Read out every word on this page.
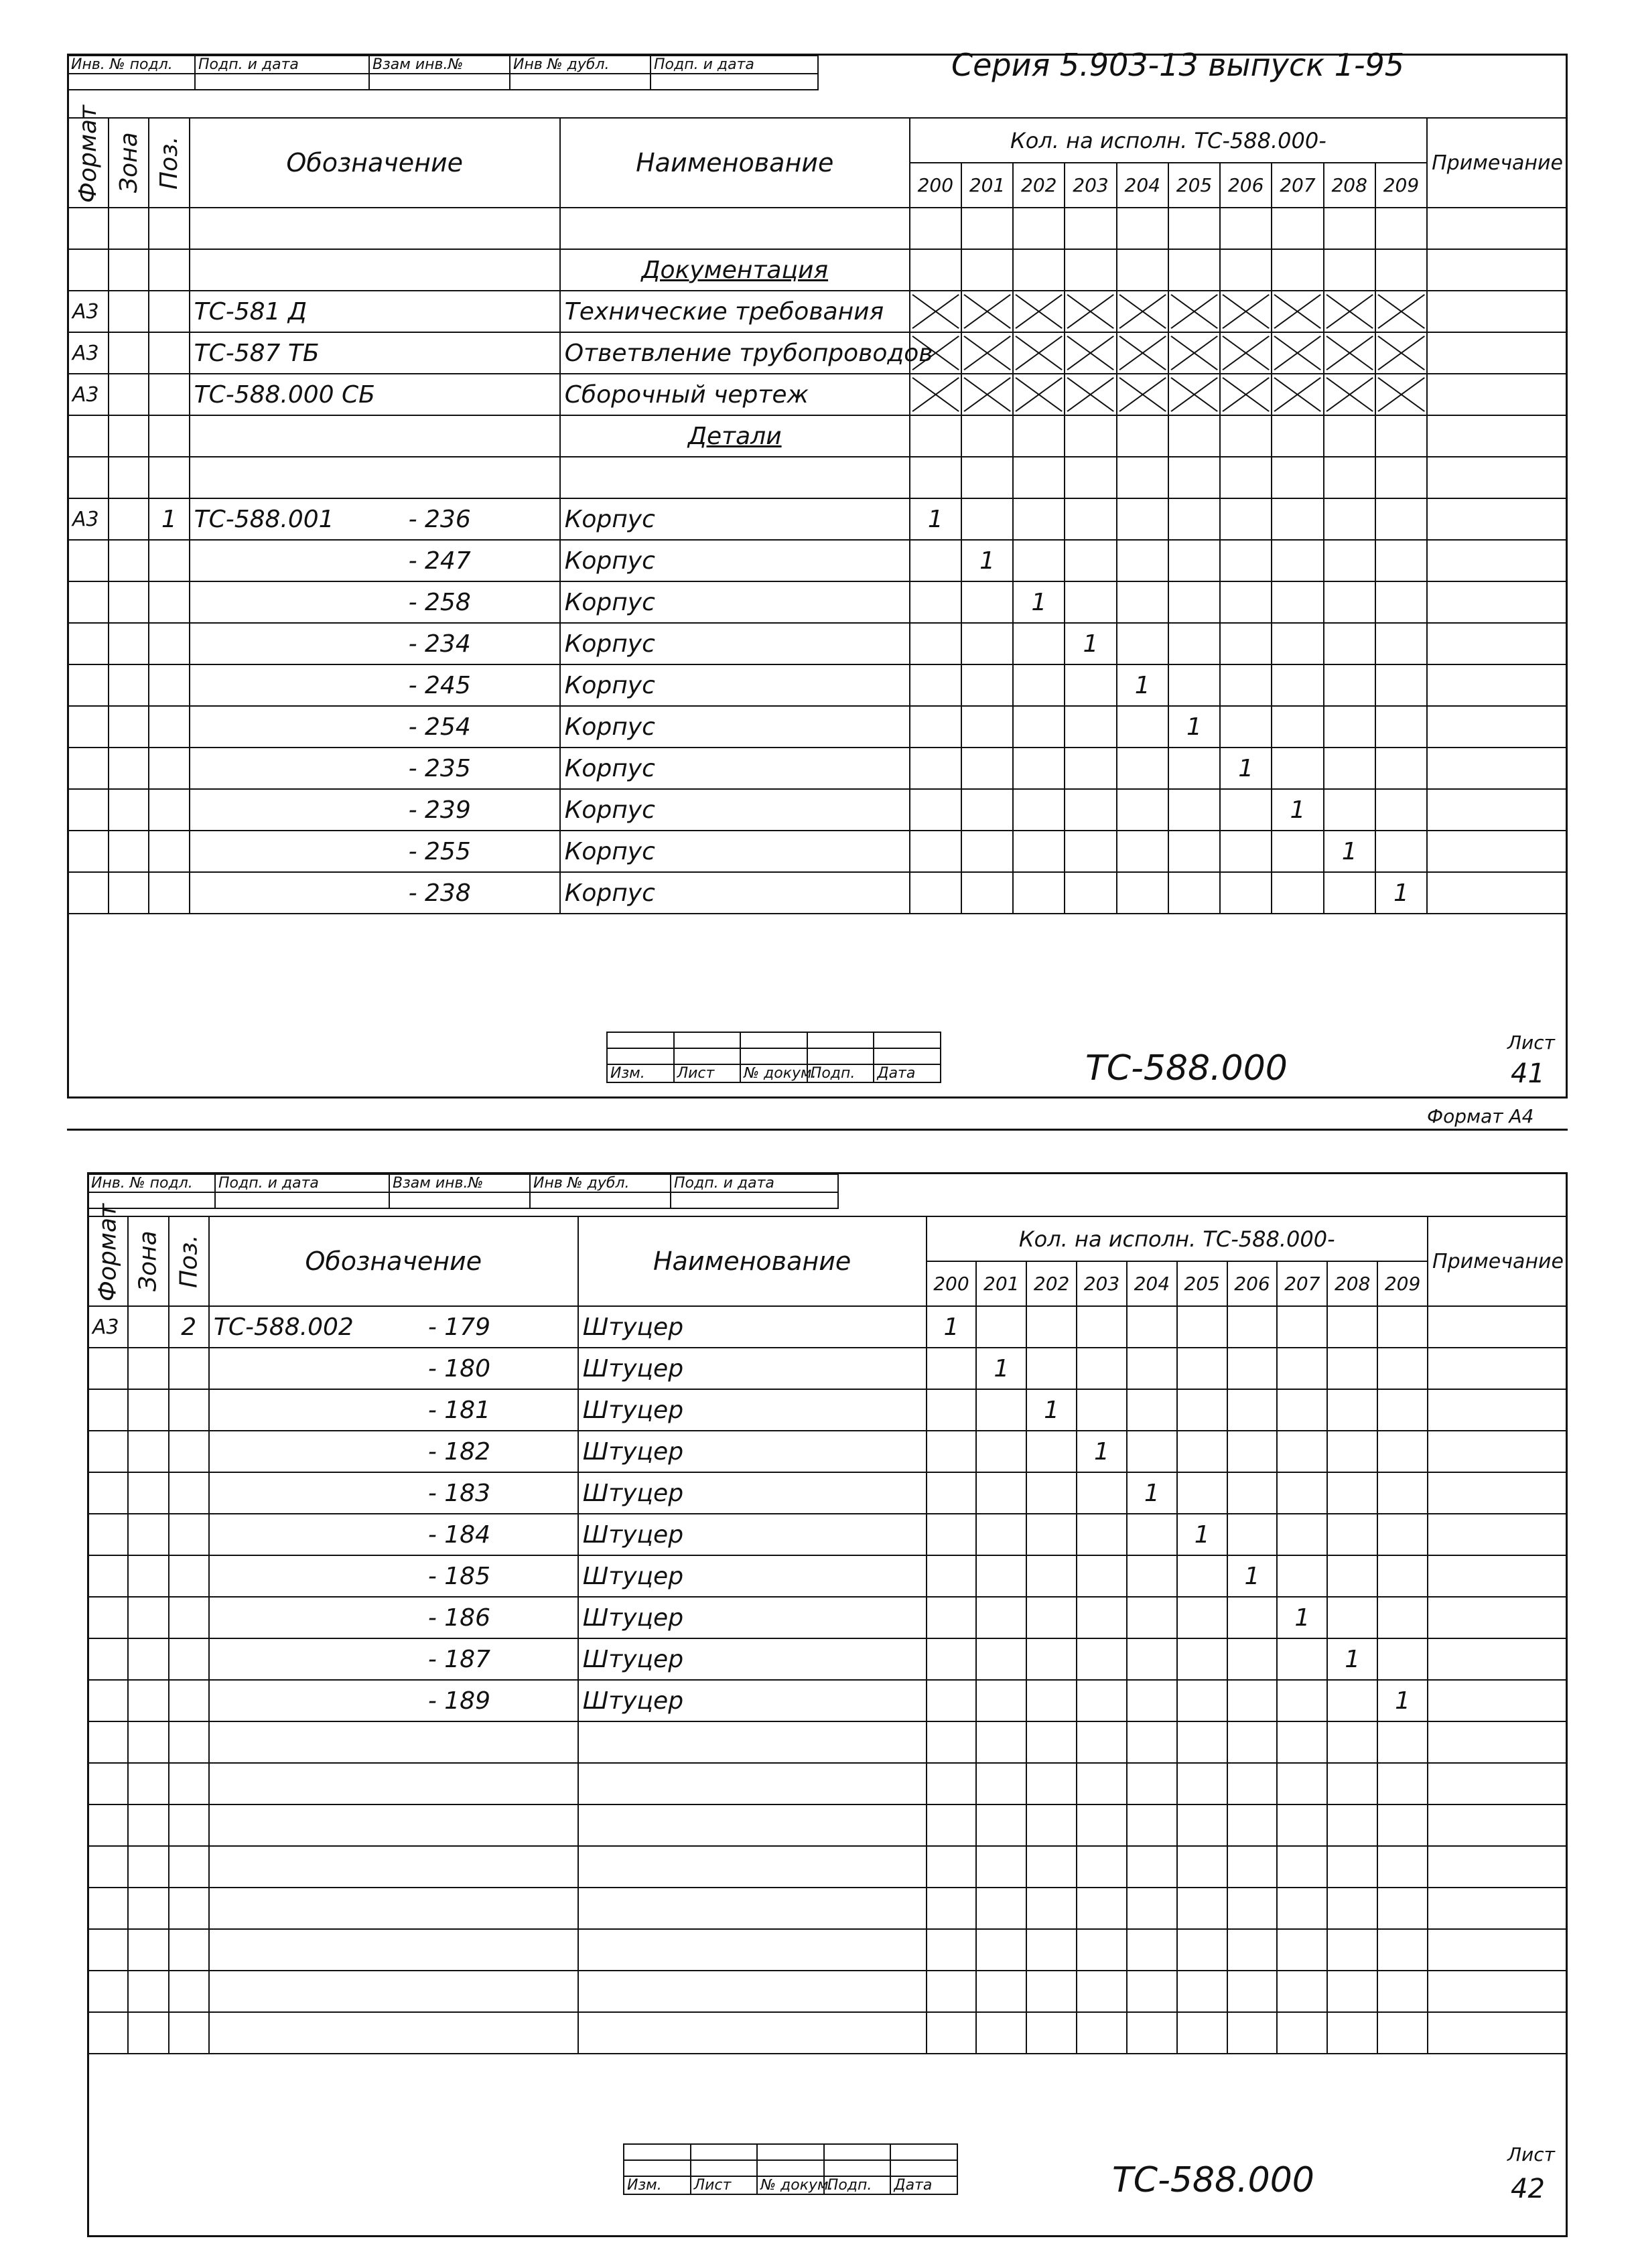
Инв. № подл.	Подп. и дата	Взам инв.№	Инв № дубл.	Подп. и дата
					Серия 5.903-13 выпуск 1-95
Формат	Зона	Поз.	Обозначение	Наименование	Кол. на исполн. ТС-588.000-										Примечание
					200	201	202	203	204	205	206	207	208	209	

				Документация											
А3			ТС-581 Д	Технические требования	

А3			ТС-587 ТБ	Ответвление трубопроводов	

А3			ТС-588.000 СБ	Сборочный чертеж	

				Детали											

А3		1	ТС-588.001 - 236	Корпус	1										
			- 247	Корпус		1									
			- 258	Корпус			1								
			- 234	Корпус				1							
			- 245	Корпус					1						
			- 254	Корпус						1					
			- 235	Корпус							1				
			- 239	Корпус								1			
			- 255	Корпус									1		
			- 238	Корпус										1	

Изм.	Лист	№ докум.	Подп.	Дата	ТС-588.000
Лист
41
Формат А4
Инв. № подл.	Подп. и дата	Взам инв.№	Инв № дубл.	Подп. и дата

Формат	Зона	Поз.	Обозначение	Наименование	Кол. на исполн. ТС-588.000-										Примечание
					200	201	202	203	204	205	206	207	208	209	
А3		2	ТС-588.002 - 179	Штуцер	1										
			- 180	Штуцер		1									
			- 181	Штуцер			1								
			- 182	Штуцер				1							
			- 183	Штуцер					1						
			- 184	Штуцер						1					
			- 185	Штуцер							1				
			- 186	Штуцер								1			
			- 187	Штуцер									1		
			- 189	Штуцер										1	

Изм.	Лист	№ докум.	Подп.	Дата	ТС-588.000
Лист
42
